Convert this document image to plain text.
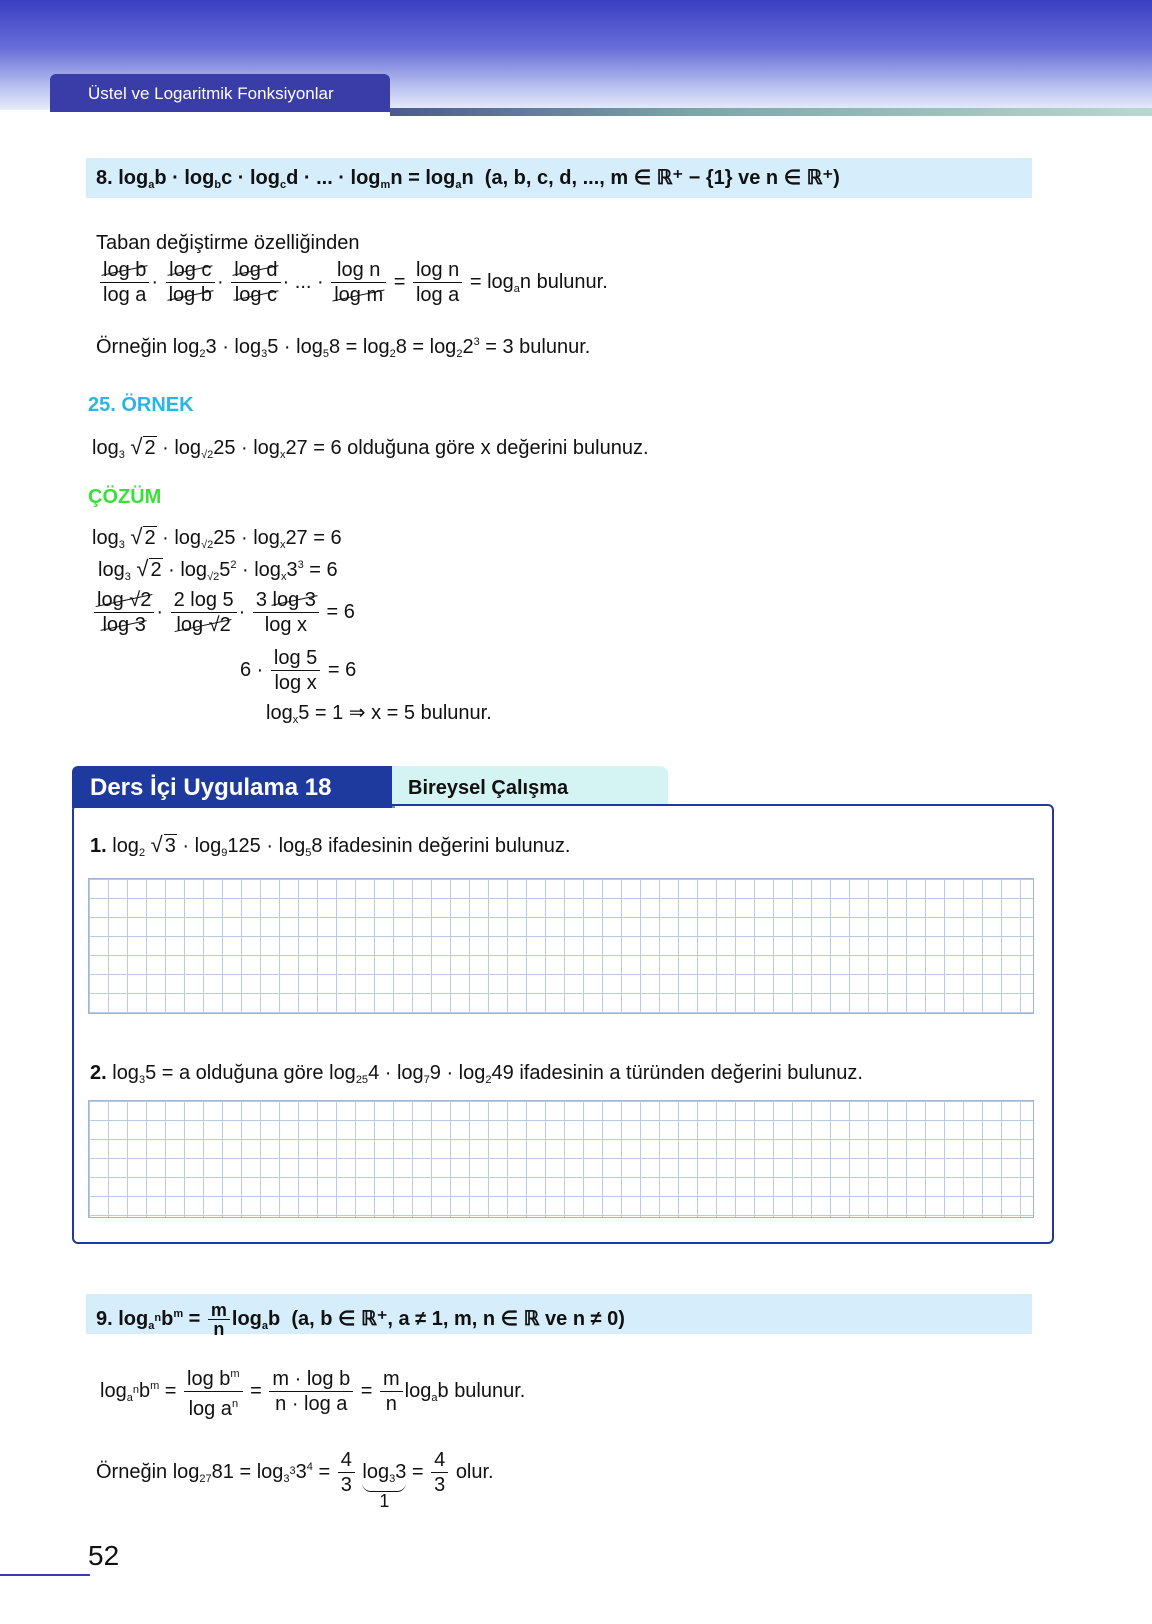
Üstel ve Logaritmik Fonksiyonlar
8. $\log_ab \cdot \log_bc \cdot \log_cd$ · ... · $\log_mn = \log_an$  (a, b, c, d, ..., m ∈ ℝ⁺ − {1} ve n ∈ ℝ⁺)
Taban değiştirme özelliğinden
$\frac{\text{log b}}{\text{log a}} \cdot \frac{\text{log c}}{\text{log b}} \cdot \frac{\text{log d}}{\text{log c}}$ · ... · $\frac{\text{log n}}{\text{log m}} = \frac{\text{log n}}{\text{log a}} = \log_an$ bulunur.
Örneğin $\log_23 \cdot \log_35 \cdot \log_58 = \log_28 = \log_22^3 = 3$ bulunur.
25. ÖRNEK
$\log_3$ √ $2 \cdot \log_{√2}25 \cdot \log_x27 = 6$ olduğuna göre x değerini bulunuz.
ÇÖZÜM
$\log_3$ √ $2 \cdot \log_{√2}25 \cdot \log_x27 = 6$
$\log_3$ √ $2 \cdot \log_{√2}5^2 \cdot \log_x3^3 = 6$
$\frac{\log √2}{\log 3} \cdot \frac{2 \log 5}{\log √2} \cdot \frac{3 \log 3}{\text{log x}} = 6$
$6 \cdot \frac{\log 5}{\text{log x}} = 6$
$\log_x5 = 1$ ⇒ x = 5 bulunur.
Ders İçi Uygulama 18	Bireysel Çalışma
1. $\log_2$ √ $3 \cdot \log_9125 \cdot \log_58$ ifadesinin değerini bulunuz.
2. $\log_35 = a$ olduğuna göre $\log_{25}4 \cdot \log_79 \cdot \log_249$ ifadesinin a türünden değerini bulunuz.
9. $\log_{a^n}b^m = \frac{m}{n} \log_ab$  (a, b ∈ ℝ⁺, a ≠ 1, m, n ∈ ℝ ve n ≠ 0)
$\log_{a^n}b^m = \frac{\log b^m}{\log a^n} = \frac{\text{m · log b}}{\text{n · log a}} = \frac{m}{n} \log_ab$ bulunur.
Örneğin $\log_{27}81 = \log_{3^3}3^4 = \frac{4}{3} \log_33$
1
= $\frac{4}{3}$ olur.
52
